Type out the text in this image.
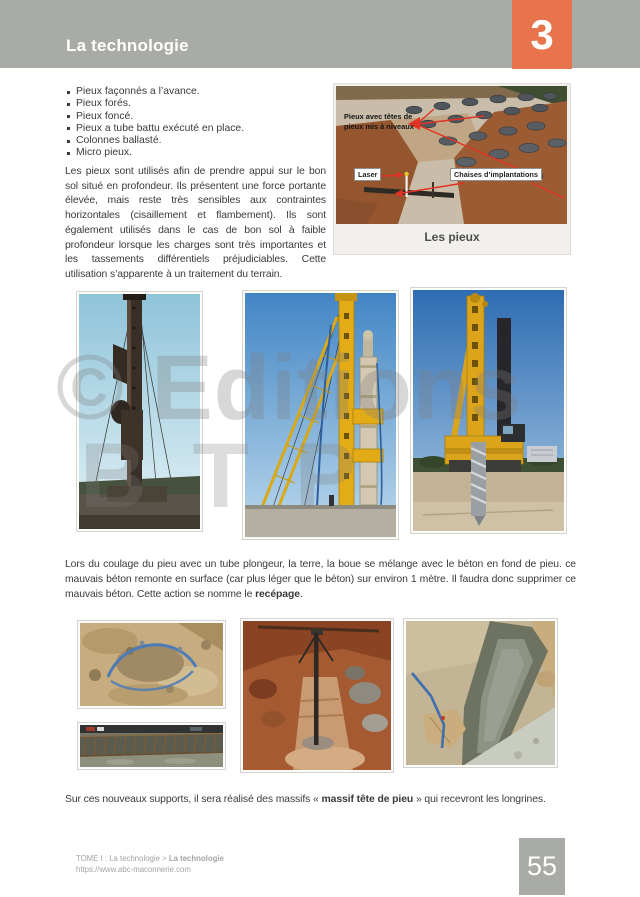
La technologie	3
Pieux façonnés a l’avance.
Pieux forés.
Pieux foncé.
Pieux a tube battu exécuté en place.
Colonnes ballasté.
Micro pieux.
Les pieux sont utilisés afin de prendre appui sur le bon sol situé en profondeur. Ils présentent une force portante élevée, mais reste très sensibles aux contraintes horizontales (cisaillement et flambement). Ils sont également utilisés dans le cas de bon sol à faible profondeur lorsque les charges sont très importantes et les tassements différentiels préjudiciables. Cette utilisation s’apparente à un traitement du terrain.
Pieux avec têtes de
pieux mis à niveaux
Laser	Chaises d’implantations
Les pieux
© Editions
BTP
Lors du coulage du pieu avec un tube plongeur, la terre, la boue se mélange avec le béton en fond de pieu. ce mauvais béton remonte en surface (car plus léger que le béton) sur environ 1 mètre. Il faudra donc supprimer ce mauvais béton. Cette action se nomme le recépage.
Sur ces nouveaux supports, il sera réalisé des massifs « massif tête de pieu » qui recevront les longrines.
TOME I : La technologie > La technologie
https://www.abc-maconnerie.com	55
